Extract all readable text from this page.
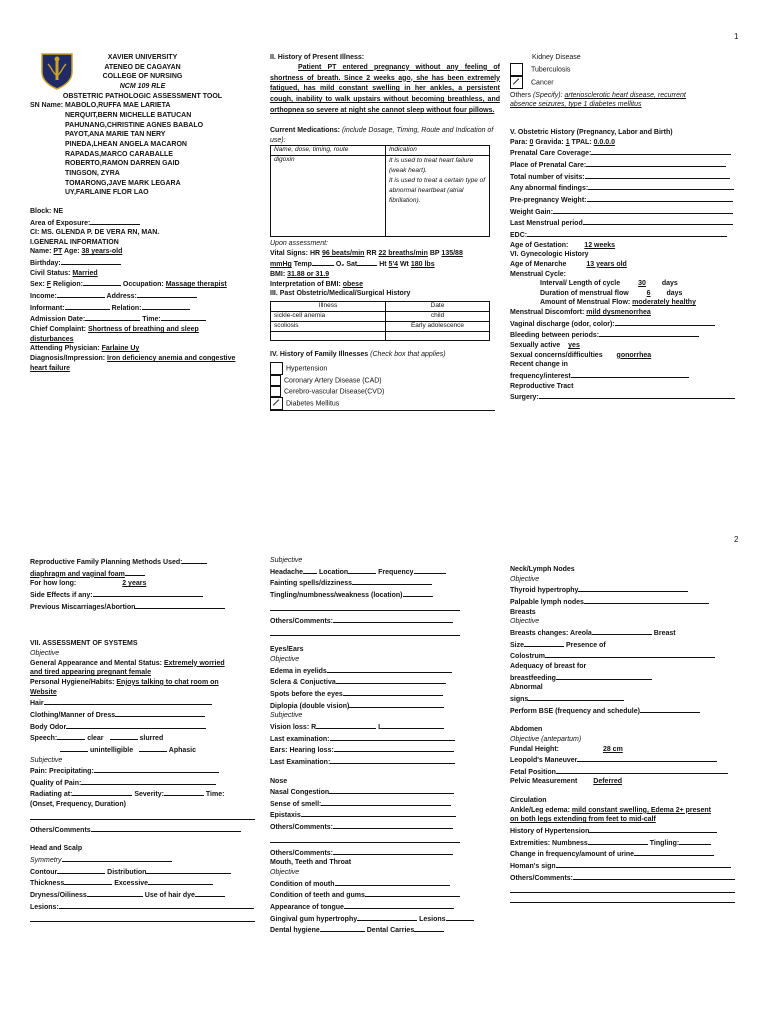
1
XAVIER UNIVERSITY
ATENEO DE CAGAYAN
COLLEGE OF NURSING
NCM 109 RLE
OBSTETRIC PATHOLOGIC ASSESSMENT TOOL
SN Name: MABOLO,RUFFA MAE LARIETA
NERQUIT,BERN MICHELLE BATUCAN
PAHUNANG,CHRISTINE AGNES BABALO
PAYOT,ANA MARIE TAN NERY
PINEDA,LHEAN ANGELA MACARON
RAPADAS,MARCO CARABALLE
ROBERTO,RAMON DARREN GAID
TINGSON, ZYRA
TOMARONG,JAVE MARK LEGARA
UY,FARLAINE FLOR LAO
Block: NE
Area of Exposure:
CI: MS. GLENDA P. DE VERA RN, MAN.
I.GENERAL INFORMATION
Name: PT Age: 38 years-old
Birthday:
Civil Status: Married
Sex: F Religion:	Occupation: Massage therapist
Income:	Address:
Informant:	Relation:
Admission Date:	Time:
Chief Complaint: Shortness of breathing and sleep
disturbances
Attending Physician: Farlaine Uy
Diagnosis/Impression: Iron deficiency anemia and congestive
heart failure
II. History of Present Illness:
Patient PT entered pregnancy without any feeling of shortness of breath. Since 2 weeks ago, she has been extremely fatigued, has mild constant swelling in her ankles, a persistent cough, inability to walk upstairs without becoming breathless, and orthopnea so severe at night she cannot sleep without four pillows.
Current Medications: (include Dosage, Timing, Route and Indication of use):
Name, dose, timing, route	Indication
digoxin	It is used to treat heart failure (weak heart).
It is used to treat a certain type of abnormal heartbeat (atrial fibrillation).
Upon assessment:
Vital Signs: HR 96 beats/min RR 22 breaths/min BP 135/88
mmHg Temp	O₂ Sat	Ht 5'4 Wt 180 lbs
BMI: 31.88 or 31.9
Interpretation of BMI: obese
III. Past Obstetric/Medical/Surgical History
Illness	Date
sickle-cell anemia	child
scoliosis	Early adolescence

IV. History of Family Illnesses (Check box that applies)
Hypertension
Coronary Artery Disease (CAD)
Cerebro-vascular Disease(CVD)
Diabetes Mellitus
Kidney Disease
Tuberculosis
Cancer
Others (Specify): arteriosclerotic heart disease, recurrent
absence seizures, type 1 diabetes mellitus
V. Obstetric History (Pregnancy, Labor and Birth)
Para: 0 Gravida: 1 TPAL: 0.0.0.0
Prenatal Care Coverage:
Place of Prenatal Care:
Total number of visits:
Any abnormal findings:
Pre-pregnancy Weight:
Weight Gain:
Last Menstrual period
EDC:
Age of Gestation: 12 weeks
VI. Gynecologic History
Age of Menarche	13 years old
Menstrual Cycle:
Interval/ Length of cycle	30 days
Duration of menstrual flow	6 days
Amount of Menstrual Flow: moderately healthy
Menstrual Discomfort: mild dysmenorrhea
Vaginal discharge (odor, color):
Bleeding between periods:
Sexually active yes
Sexual concerns/difficulties gonorrhea
Recent change in
frequency/interest
Reproductive Tract
Surgery:
2
Reproductive Family Planning Methods Used:
diaphragm and vaginal foam
For how long:	2 years
Side Effects if any:
Previous Miscarriages/Abortion
VII. ASSESSMENT OF SYSTEMS
Objective
General Appearance and Mental Status: Extremely worried
and tired appearing pregnant female
Personal Hygiene/Habits: Enjoys talking to chat room on
Website
Hair
Clothing/Manner of Dress
Body Odor
Speech:	clear	slurred
unintelligible	Aphasic
Subjective
Pain: Precipitating:
Quality of Pain:
Radiating at:	Severity:	Time:
(Onset, Frequency, Duration)
Others/Comments
Head and Scalp
Symmetry
Contour	Distribution
Thickness	Excessive
Dryness/Oiliness	Use of hair dye
Lesions:
Subjective
Headache Location	Frequency
Fainting spells/dizziness
Tingling/numbness/weakness (location)
Others/Comments:
Eyes/Ears
Objective
Edema in eyelids
Sclera & Conjuctiva
Spots before the eyes
Diplopia (double vision)
Subjective
Vision loss: R	L
Last examination:
Ears: Hearing loss:
Last Examination:
Nose
Nasal Congestion
Sense of smell:
Epistaxis
Others/Comments:
Others/Comments:
Mouth, Teeth and Throat
Objective
Condition of mouth
Condition of teeth and gums
Appearance of tongue
Gingival gum hypertrophy	Lesions
Dental hygiene	Dental Carries
Neck/Lymph Nodes
Objective
Thyroid hypertrophy
Palpable lymph nodes
Breasts
Objective
Breasts changes: Areola	Breast
Size	Presence of
Colostrum
Adequacy of breast for
breastfeeding
Abnormal
signs
Perform BSE (frequency and schedule)
Abdomen
Objective (antepartum)
Fundal Height:	28 cm
Leopold's Maneuver
Fetal Position
Pelvic Measurement Deferred
Circulation
Ankle/Leg edema: mild constant swelling, Edema 2+ present
on both legs extending from feet to mid-calf
History of Hypertension
Extremities: Numbness	Tingling:
Change in frequency/amount of urine
Homan's sign
Others/Comments:
